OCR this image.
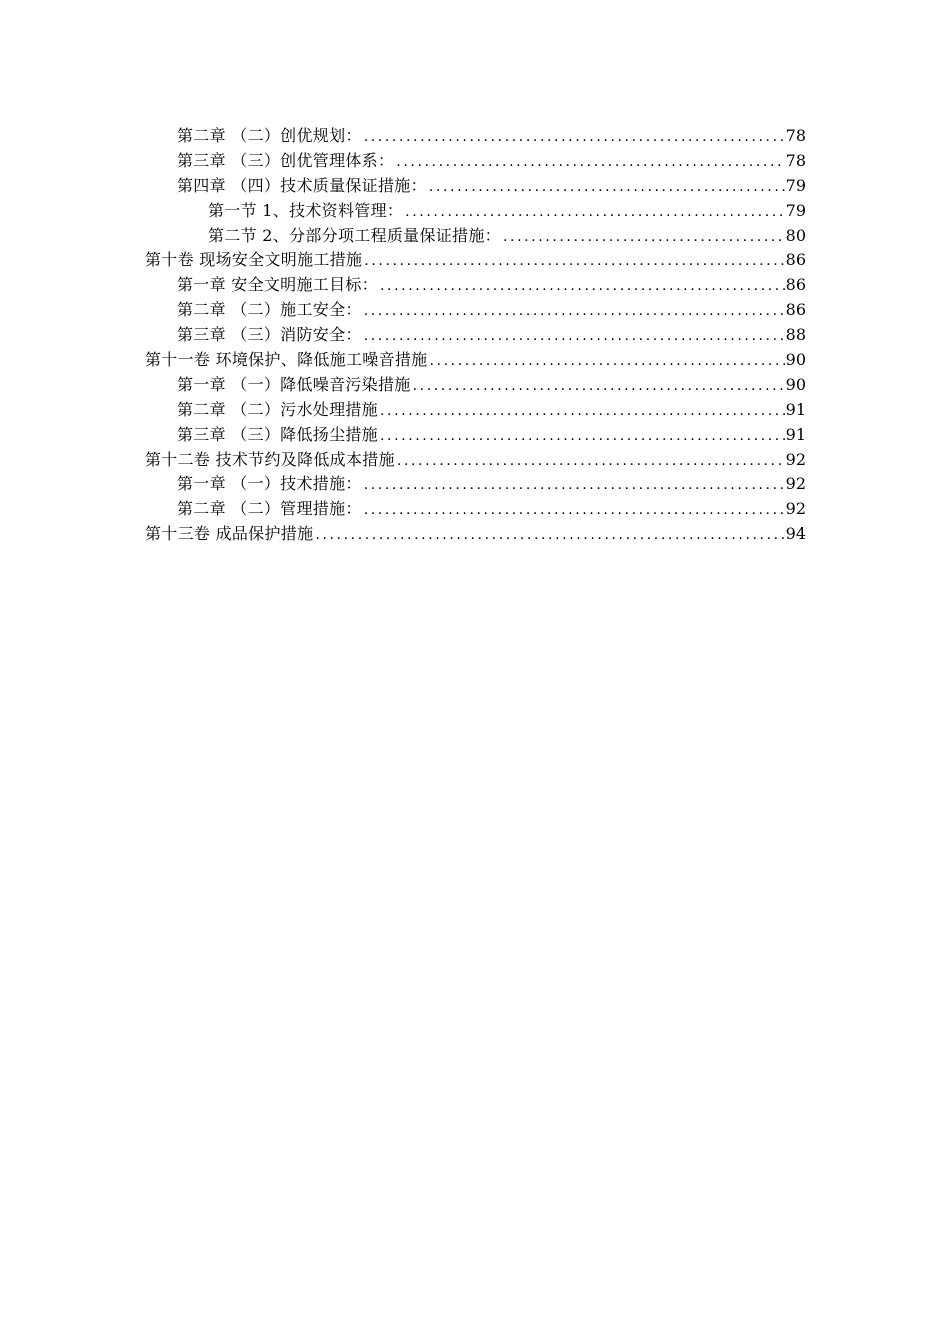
第二章 （二）创优规划： .....	78
第三章 （三）创优管理体系： .....	78
第四章 （四）技术质量保证措施： .....	79
第一节 1、技术资料管理： .....	79
第二节 2、分部分项工程质量保证措施： .....	80
第十卷 现场安全文明施工措施 .....	86
第一章 安全文明施工目标： .....	86
第二章 （二）施工安全： .....	86
第三章 （三）消防安全： .....	88
第十一卷 环境保护、降低施工噪音措施 .....	90
第一章 （一）降低噪音污染措施 .....	90
第二章 （二）污水处理措施 .....	91
第三章 （三）降低扬尘措施 .....	91
第十二卷 技术节约及降低成本措施 .....	92
第一章 （一）技术措施： .....	92
第二章 （二）管理措施： .....	92
第十三卷 成品保护措施 .....	94
